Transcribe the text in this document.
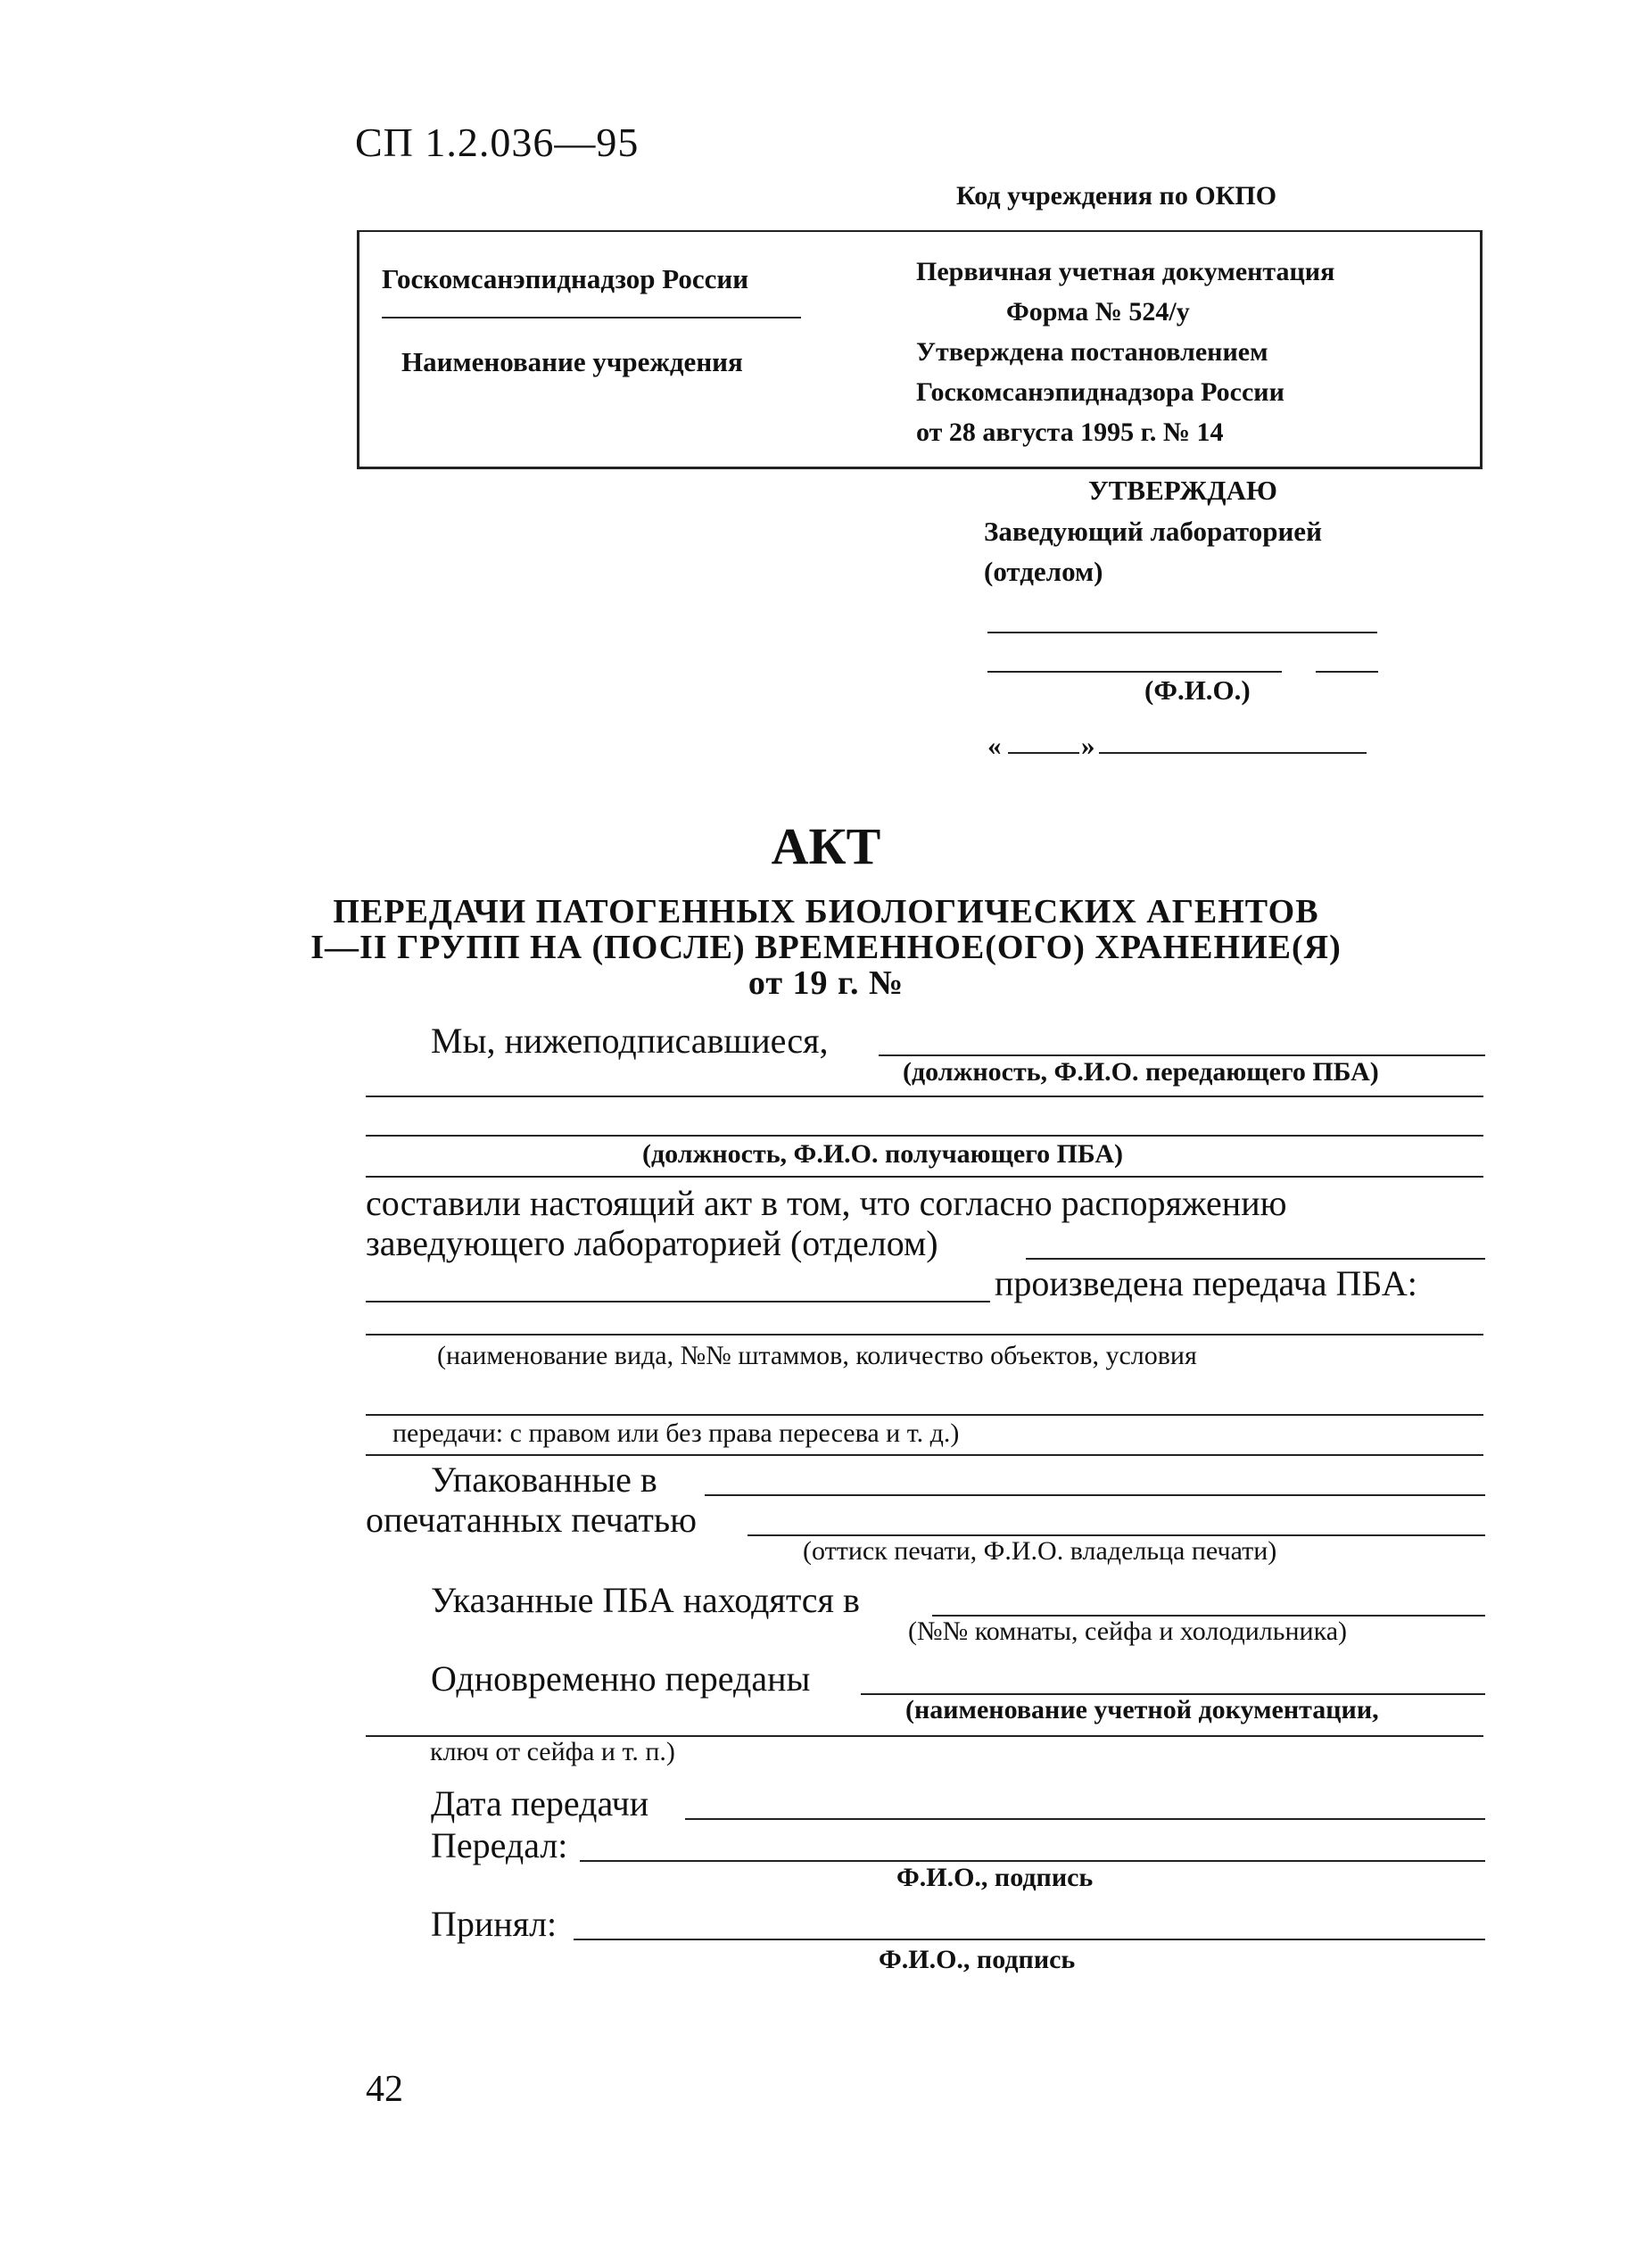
СП 1.2.036—95
Код учреждения по ОКПО
Госкомсанэпиднадзор России
Наименование учреждения
Первичная учетная документация
Форма № 524/у
Утверждена постановлением
Госкомсанэпиднадзора России
от 28 августа 1995 г. № 14
УТВЕРЖДАЮ
Заведующий лабораторией
(отделом)
(Ф.И.О.)
«	»
АКТ
ПЕРЕДАЧИ ПАТОГЕННЫХ БИОЛОГИЧЕСКИХ АГЕНТОВ
I—II ГРУПП НА (ПОСЛЕ) ВРЕМЕННОЕ(ОГО) ХРАНЕНИЕ(Я)
от 19 г. №
Мы, нижеподписавшиеся,
(должность, Ф.И.О. передающего ПБА)
(должность, Ф.И.О. получающего ПБА)
составили настоящий акт в том, что согласно распоряжению
заведующего лабораторией (отделом)
произведена передача ПБА:
(наименование вида, №№ штаммов, количество объектов, условия
передачи: с правом или без права пересева и т. д.)
Упакованные в
опечатанных печатью
(оттиск печати, Ф.И.О. владельца печати)
Указанные ПБА находятся в
(№№ комнаты, сейфа и холодильника)
Одновременно переданы
(наименование учетной документации,
ключ от сейфа и т. п.)
Дата передачи
Передал:
Ф.И.О., подпись
Принял:
Ф.И.О., подпись
42
